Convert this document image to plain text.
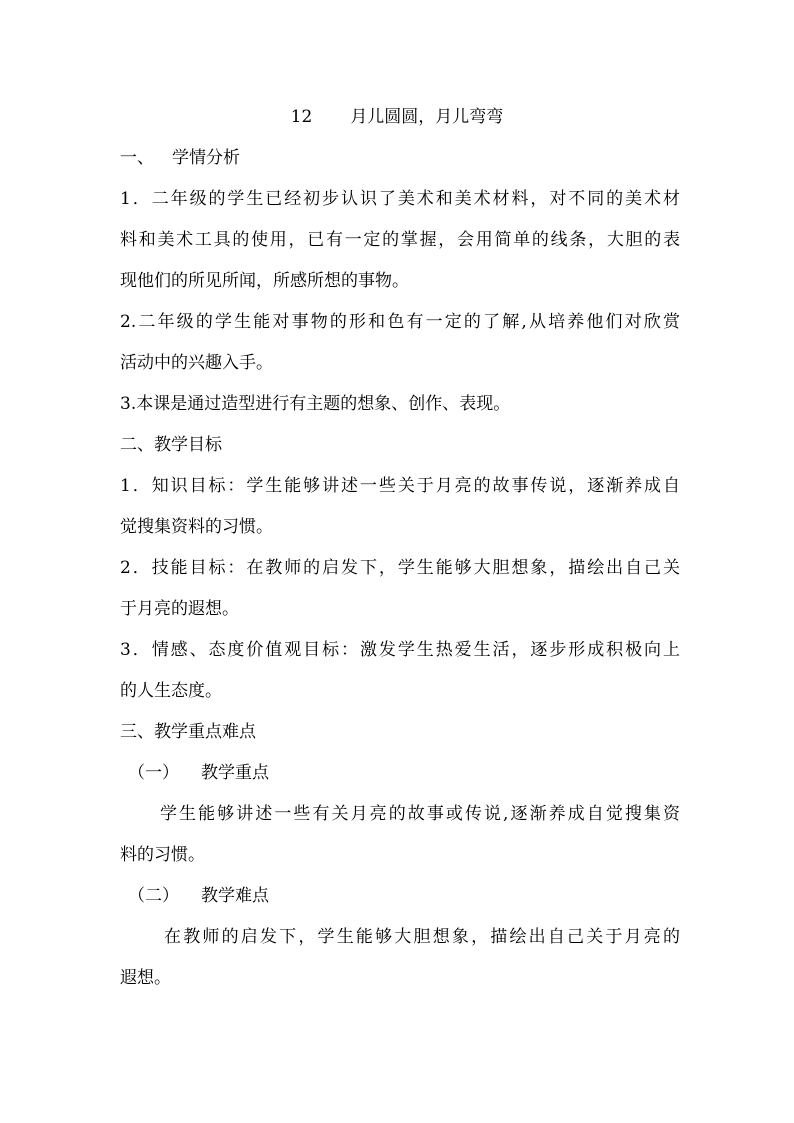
12 月儿圆圆，月儿弯弯
一、 学情分析
1．二年级的学生已经初步认识了美术和美术材料，对不同的美术材
料和美术工具的使用，已有一定的掌握，会用简单的线条，大胆的表
现他们的所见所闻，所感所想的事物。
2.二年级的学生能对事物的形和色有一定的了解,从培养他们对欣赏
活动中的兴趣入手。
3.本课是通过造型进行有主题的想象、创作、表现。
二、教学目标
1．知识目标：学生能够讲述一些关于月亮的故事传说，逐渐养成自
觉搜集资料的习惯。
2．技能目标：在教师的启发下，学生能够大胆想象，描绘出自己关
于月亮的遐想。
3．情感、态度价值观目标：激发学生热爱生活，逐步形成积极向上
的人生态度。
三、教学重点难点
（一） 教学重点
学生能够讲述一些有关月亮的故事或传说,逐渐养成自觉搜集资
料的习惯。
（二） 教学难点
在教师的启发下，学生能够大胆想象，描绘出自己关于月亮的
遐想。
